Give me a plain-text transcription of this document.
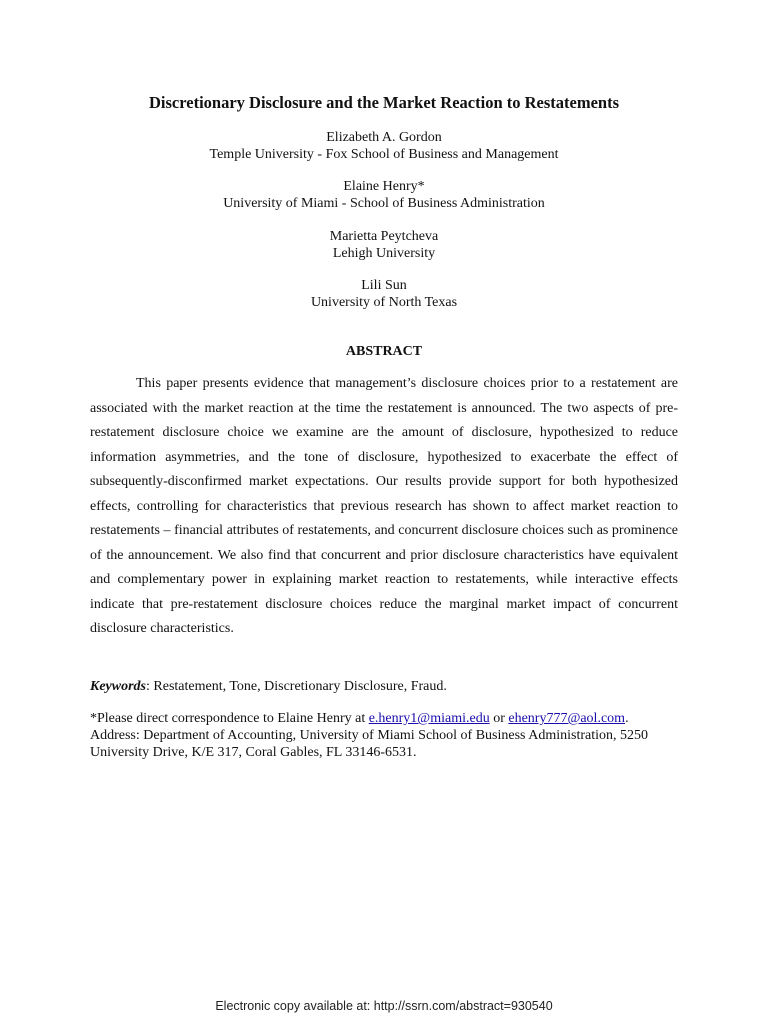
Discretionary Disclosure and the Market Reaction to Restatements
Elizabeth A. Gordon
Temple University - Fox School of Business and Management
Elaine Henry*
University of Miami - School of Business Administration
Marietta Peytcheva
Lehigh University
Lili Sun
University of North Texas
ABSTRACT
This paper presents evidence that management’s disclosure choices prior to a restatement are associated with the market reaction at the time the restatement is announced. The two aspects of pre-restatement disclosure choice we examine are the amount of disclosure, hypothesized to reduce information asymmetries, and the tone of disclosure, hypothesized to exacerbate the effect of subsequently-disconfirmed market expectations. Our results provide support for both hypothesized effects, controlling for characteristics that previous research has shown to affect market reaction to restatements – financial attributes of restatements, and concurrent disclosure choices such as prominence of the announcement. We also find that concurrent and prior disclosure characteristics have equivalent and complementary power in explaining market reaction to restatements, while interactive effects indicate that pre-restatement disclosure choices reduce the marginal market impact of concurrent disclosure characteristics.
Keywords: Restatement, Tone, Discretionary Disclosure, Fraud.
*Please direct correspondence to Elaine Henry at e.henry1@miami.edu or ehenry777@aol.com.
Address: Department of Accounting, University of Miami School of Business Administration, 5250 University Drive, K/E 317, Coral Gables, FL 33146-6531.
Electronic copy available at: http://ssrn.com/abstract=930540
